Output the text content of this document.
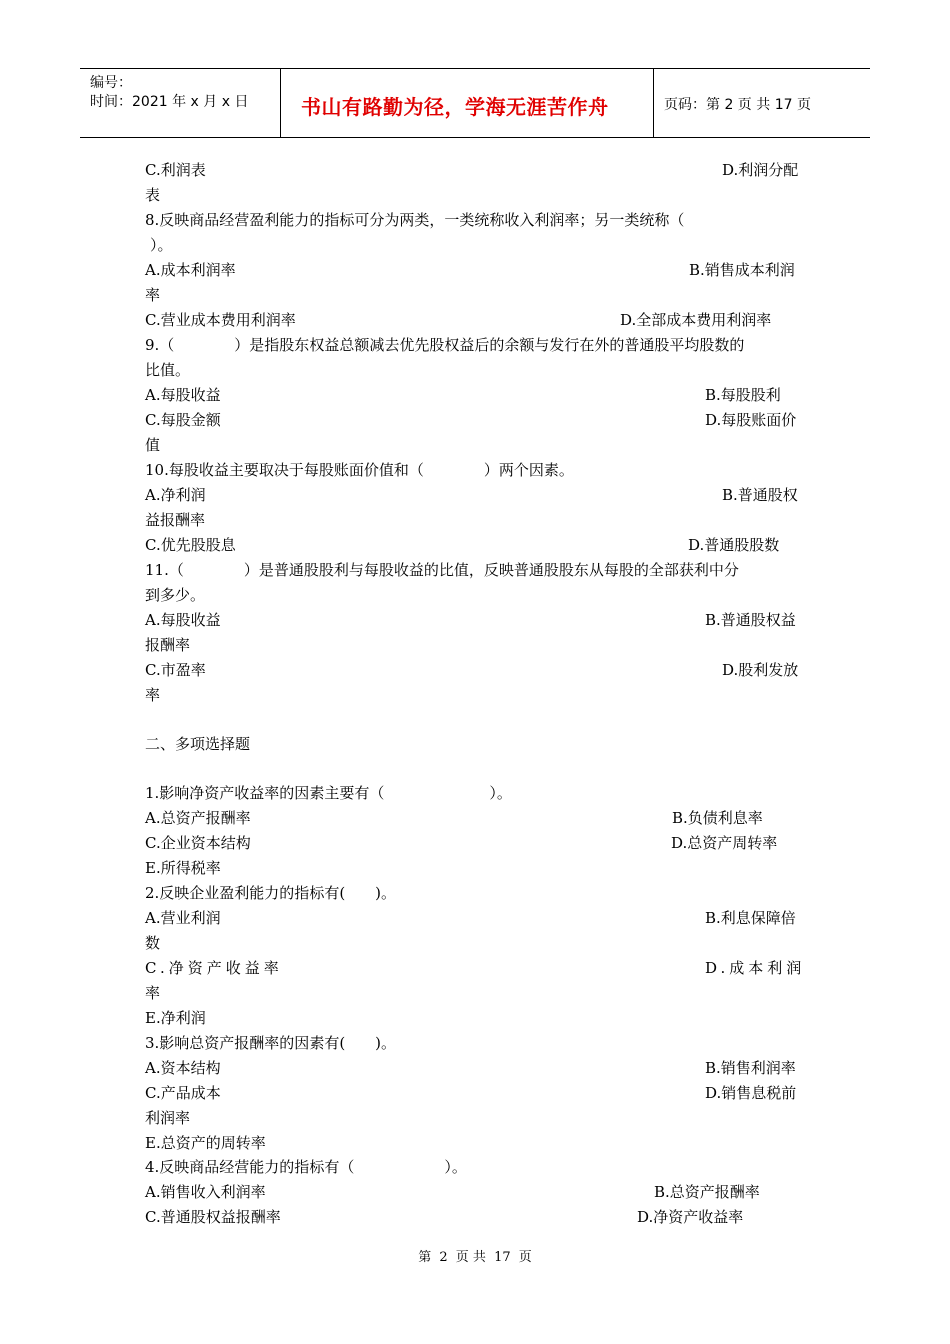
编号：
时间：2021 年 x 月 x 日	书山有路勤为径，学海无涯苦作舟	页码：第 2 页 共 17 页
C.利润表	D.利润分配
表
8.反映商品经营盈利能力的指标可分为两类，一类统称收入利润率；另一类统称（
）。
A.成本利润率	B.销售成本利润
率
C.营业成本费用利润率	D.全部成本费用利润率
9.（　　　　）是指股东权益总额减去优先股权益后的余额与发行在外的普通股平均股数的
比值。
A.每股收益	B.每股股利
C.每股金额	D.每股账面价
值
10.每股收益主要取决于每股账面价值和（　　　　）两个因素。
A.净利润	B.普通股权
益报酬率
C.优先股股息	D.普通股股数
11.（　　　　）是普通股股利与每股收益的比值，反映普通股股东从每股的全部获利中分
到多少。
A.每股收益	B.普通股权益
报酬率
C.市盈率	D.股利发放
率
二、多项选择题
1.影响净资产收益率的因素主要有（　　　　　　　）。
A.总资产报酬率	B.负债利息率
C.企业资本结构	D.总资产周转率
E.所得税率
2.反映企业盈利能力的指标有(　　)。
A.营业利润	B.利息保障倍
数
C.净资产收益率	D.成本利润
率
E.净利润
3.影响总资产报酬率的因素有(　　)。
A.资本结构	B.销售利润率
C.产品成本	D.销售息税前
利润率
E.总资产的周转率
4.反映商品经营能力的指标有（　　　　　　）。
A.销售收入利润率	B.总资产报酬率
C.普通股权益报酬率	D.净资产收益率
第 2 页 共 17 页
